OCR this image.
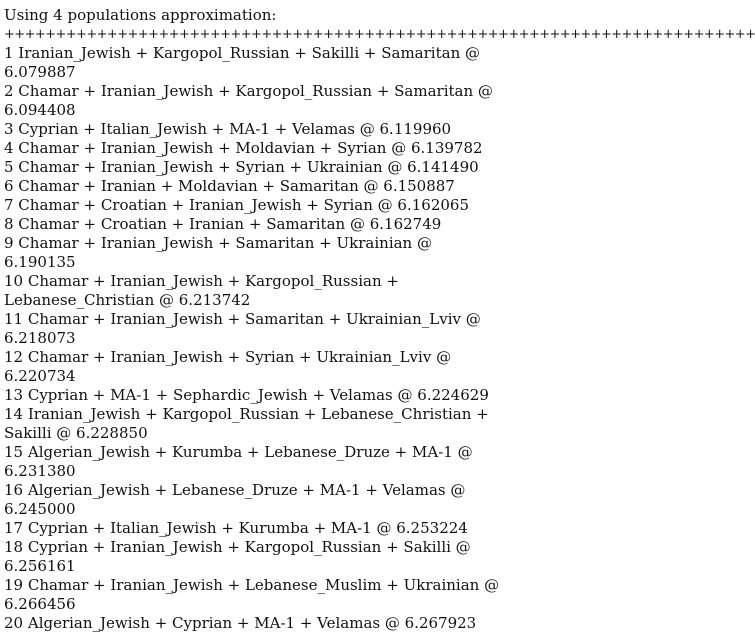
Using 4 populations approximation:

+++++++++++++++++++++++++++++++++++++++++++++++++++++++++++++++++++++++++

1 Iranian_Jewish + Kargopol_Russian + Sakilli + Samaritan @ 6.079887
2 Chamar + Iranian_Jewish + Kargopol_Russian + Samaritan @ 6.094408
3 Cyprian + Italian_Jewish + MA-1 + Velamas @ 6.119960
4 Chamar + Iranian_Jewish + Moldavian + Syrian @ 6.139782
5 Chamar + Iranian_Jewish + Syrian + Ukrainian @ 6.141490
6 Chamar + Iranian + Moldavian + Samaritan @ 6.150887
7 Chamar + Croatian + Iranian_Jewish + Syrian @ 6.162065
8 Chamar + Croatian + Iranian + Samaritan @ 6.162749
9 Chamar + Iranian_Jewish + Samaritan + Ukrainian @ 6.190135
10 Chamar + Iranian_Jewish + Kargopol_Russian + Lebanese_Christian @ 6.213742
11 Chamar + Iranian_Jewish + Samaritan + Ukrainian_Lviv @ 6.218073
12 Chamar + Iranian_Jewish + Syrian + Ukrainian_Lviv @ 6.220734
13 Cyprian + MA-1 + Sephardic_Jewish + Velamas @ 6.224629
14 Iranian_Jewish + Kargopol_Russian + Lebanese_Christian + Sakilli @ 6.228850
15 Algerian_Jewish + Kurumba + Lebanese_Druze + MA-1 @ 6.231380
16 Algerian_Jewish + Lebanese_Druze + MA-1 + Velamas @ 6.245000
17 Cyprian + Italian_Jewish + Kurumba + MA-1 @ 6.253224
18 Cyprian + Iranian_Jewish + Kargopol_Russian + Sakilli @ 6.256161
19 Chamar + Iranian_Jewish + Lebanese_Muslim + Ukrainian @ 6.266456
20 Algerian_Jewish + Cyprian + MA-1 + Velamas @ 6.267923
